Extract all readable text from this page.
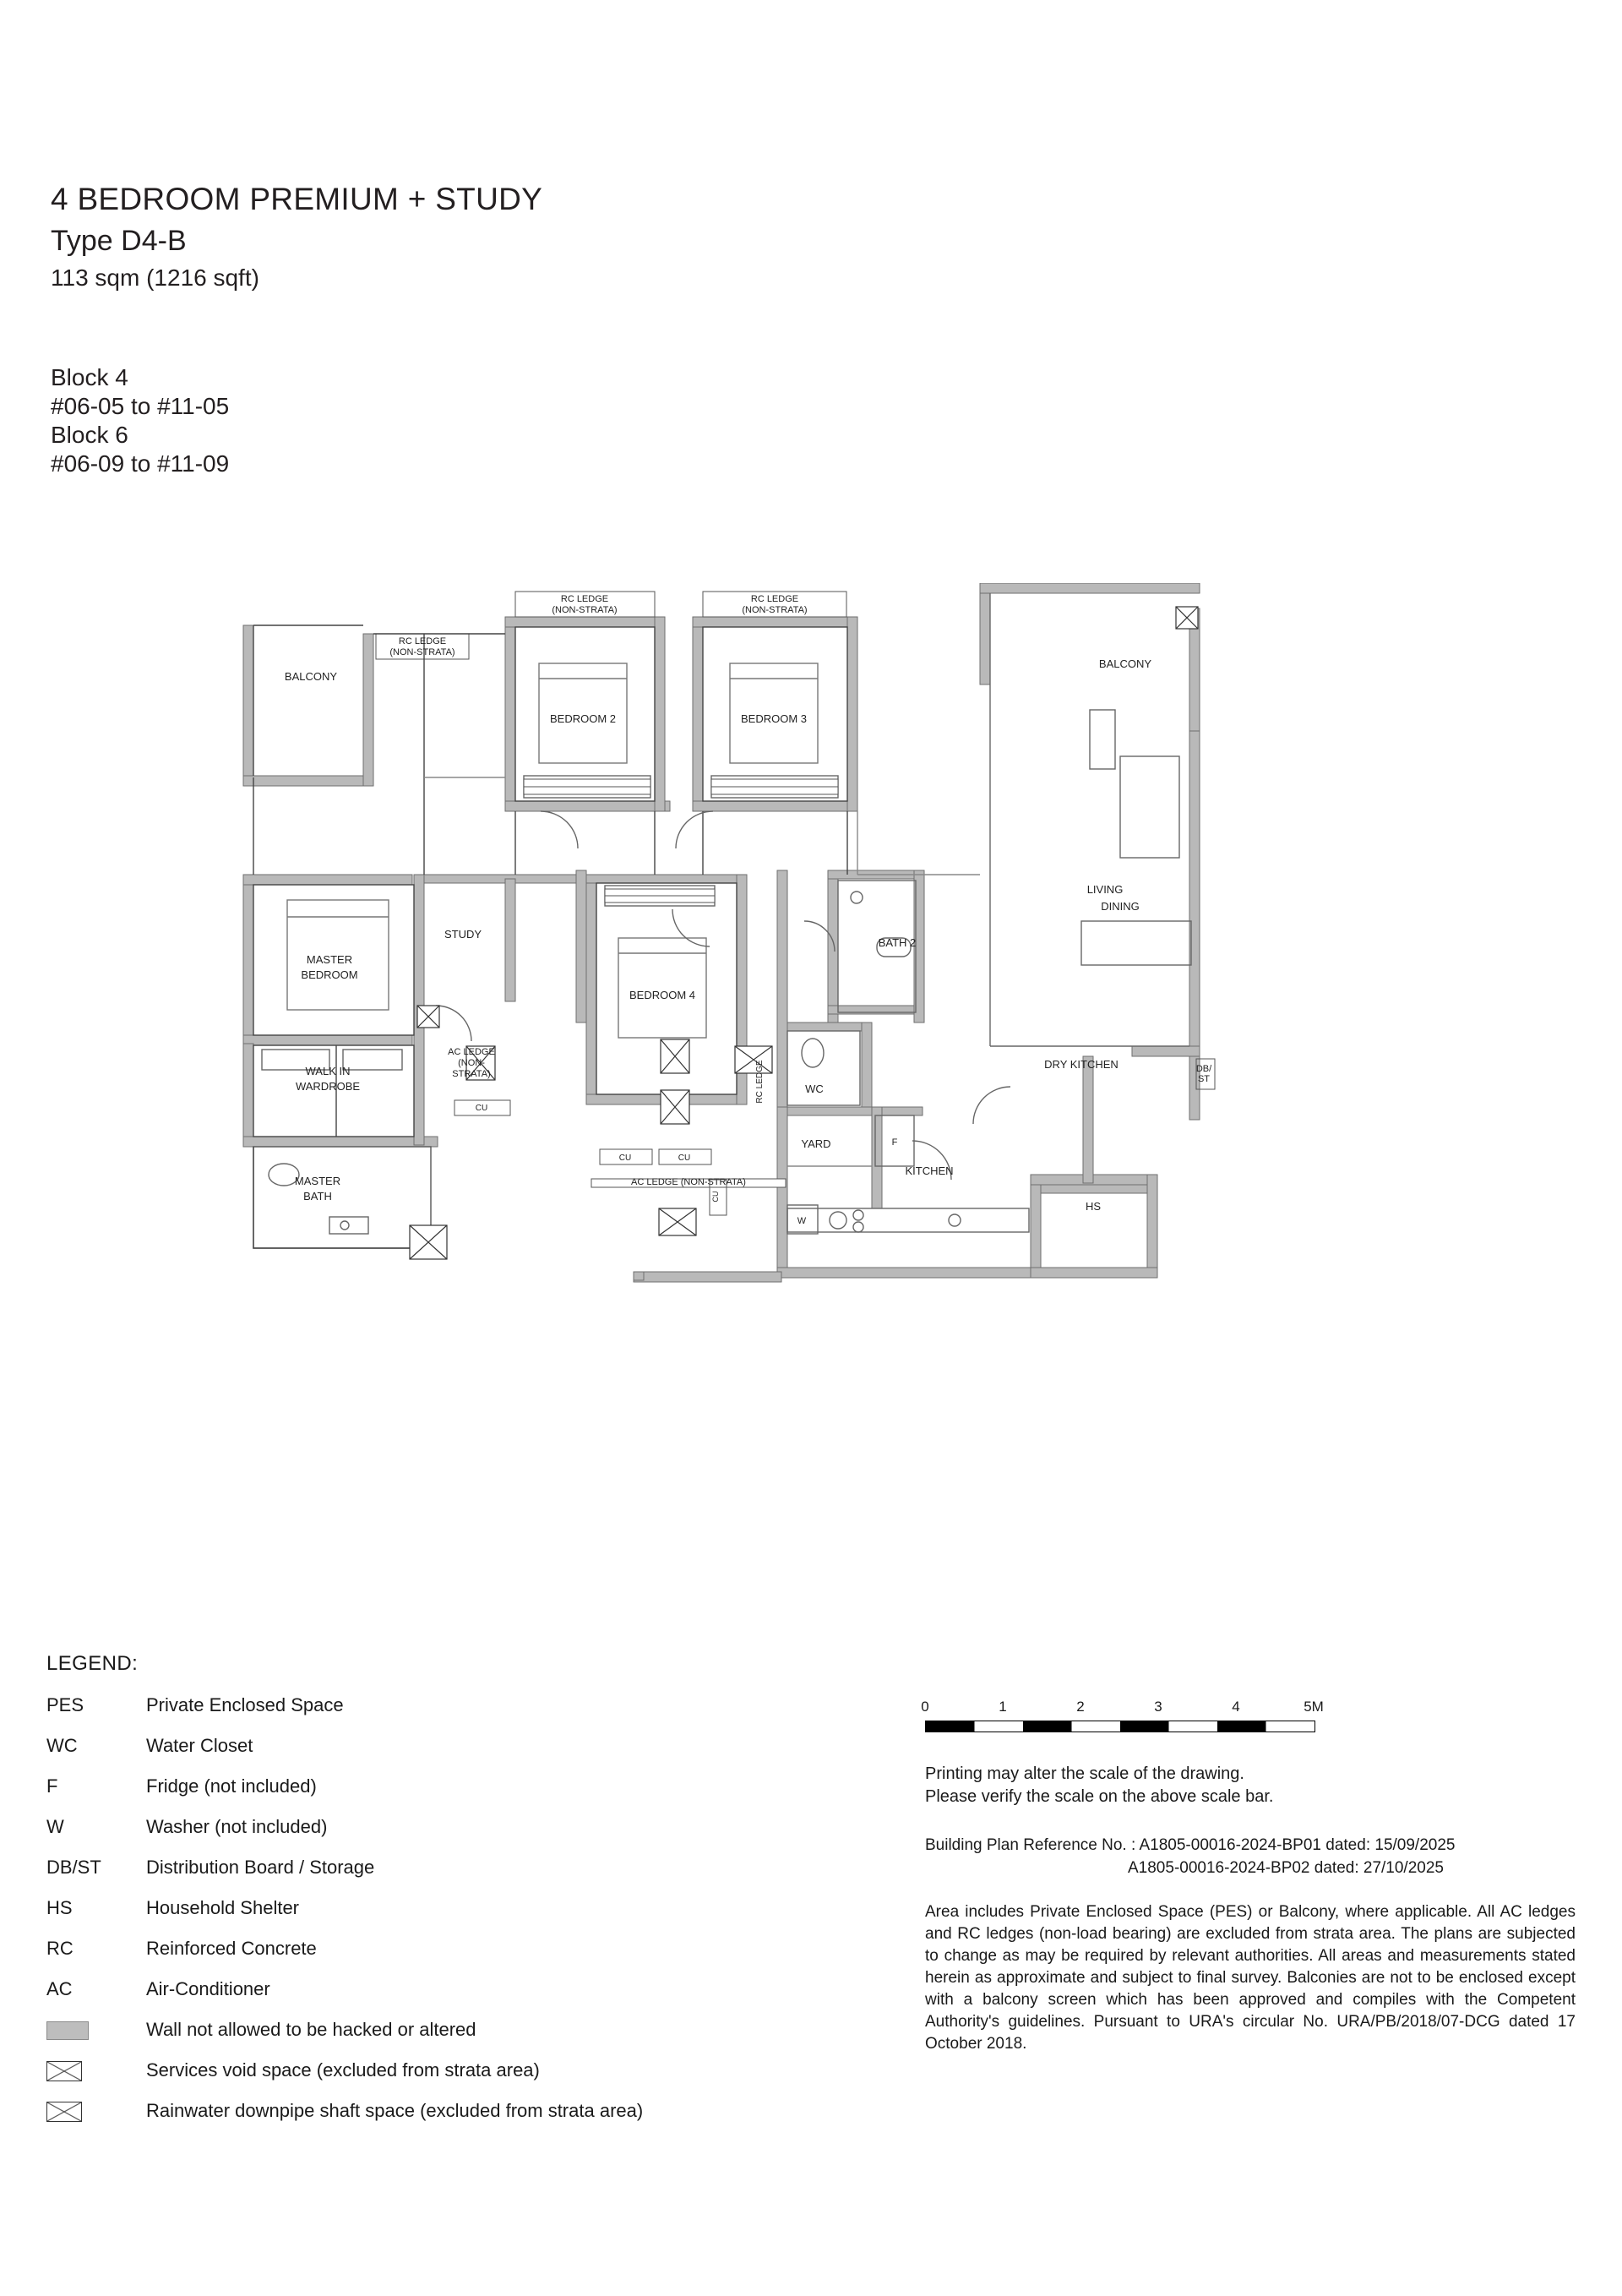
4 BEDROOM PREMIUM + STUDY
Type D4-B
113 sqm (1216 sqft)
Block 4
#06-05 to #11-05
Block 6
#06-09 to #11-09
BALCONY
MASTER
BEDROOM
STUDY
BEDROOM 2	BEDROOM 3
BEDROOM 4
LIVING
DINING
DRY KITCHEN
KITCHEN
YARD
WC
BATH 2
MASTER
BATH
WALK IN
WARDROBE
HS
BALCONY
DB/
ST
RC LEDGE
(NON-STRATA)
RC LEDGE
(NON-STRATA)
RC LEDGE
(NON-STRATA)
AC LEDGE
(NON-
STRATA)
AC LEDGE (NON-STRATA)
RC LEDGE
CU
CU	CU
CU
F
W
LEGEND:
PES	Private Enclosed Space
WC	Water Closet
F	Fridge (not included)
W	Washer (not included)
DB/ST	Distribution Board / Storage
HS	Household Shelter
RC	Reinforced Concrete
AC	Air-Conditioner
Wall not allowed to be hacked or altered
Services void space (excluded from strata area)
Rainwater downpipe shaft space (excluded from strata area)
0	1	2	3	4	5M
Printing may alter the scale of the drawing.
Please verify the scale on the above scale bar.
Building Plan Reference No. : A1805-00016-2024-BP01 dated: 15/09/2025
A1805-00016-2024-BP02 dated: 27/10/2025
Area includes Private Enclosed Space (PES) or Balcony, where applicable. All AC ledges and RC ledges (non-load bearing) are excluded from strata area. The plans are subjected to change as may be required by relevant authorities. All areas and measurements stated herein as approximate and subject to final survey. Balconies are not to be enclosed except with a balcony screen which has been approved and compiles with the Competent Authority's guidelines. Pursuant to URA's circular No. URA/PB/2018/07-DCG dated 17 October 2018.
